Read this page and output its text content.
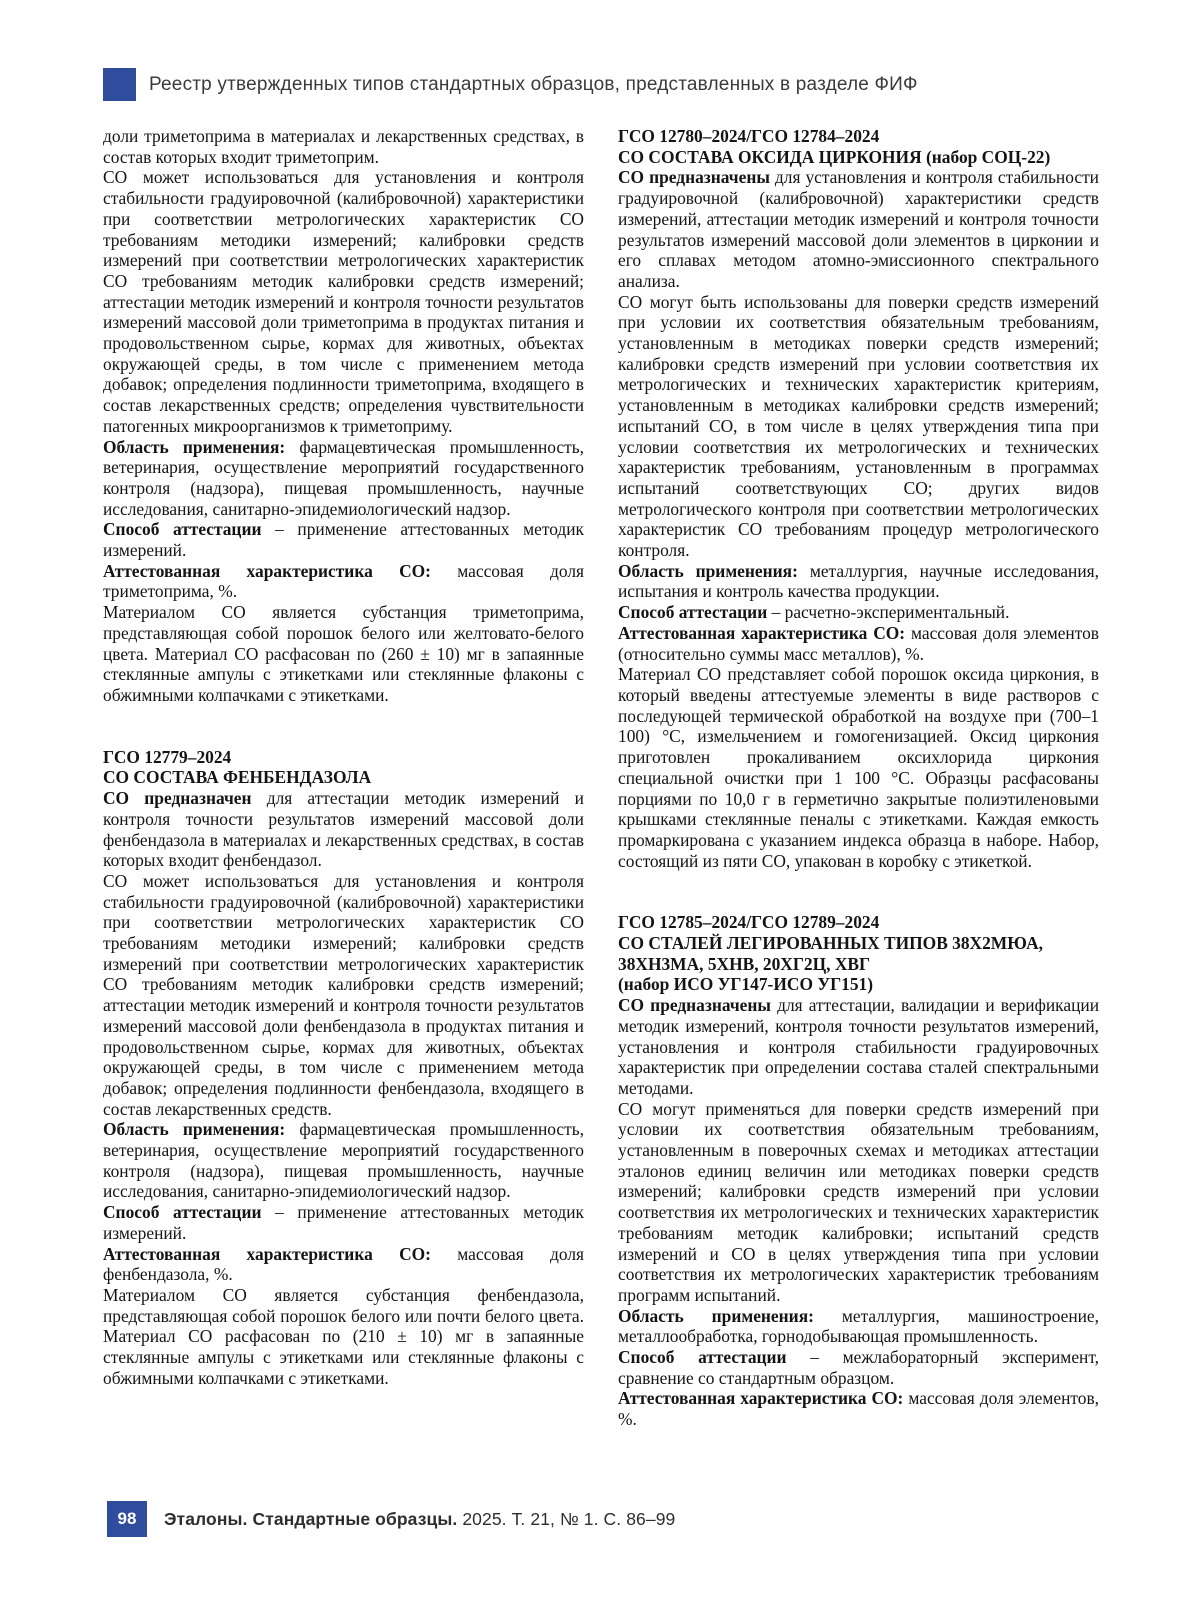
Реестр утвержденных типов стандартных образцов, представленных в разделе ФИФ

доли триметоприма в материалах и лекарственных средствах, в состав которых входит триметоприм.

СО может использоваться для установления и контроля стабильности градуировочной (калибровочной) характеристики при соответствии метрологических характеристик СО требованиям методики измерений; калибровки средств измерений при соответствии метрологических характеристик СО требованиям методик калибровки средств измерений; аттестации методик измерений и контроля точности результатов измерений массовой доли триметоприма в продуктах питания и продовольственном сырье, кормах для животных, объектах окружающей среды, в том числе с применением метода добавок; определения подлинности триметоприма, входящего в состав лекарственных средств; определения чувствительности патогенных микроорганизмов к триметоприму.

Область применения: фармацевтическая промышленность, ветеринария, осуществление мероприятий государственного контроля (надзора), пищевая промышленность, научные исследования, санитарно-эпидемиологический надзор.

Способ аттестации – применение аттестованных методик измерений.

Аттестованная характеристика СО: массовая доля триметоприма, %.

Материалом СО является субстанция триметоприма, представляющая собой порошок белого или желтовато-белого цвета. Материал СО расфасован по (260 ± 10) мг в запаянные стеклянные ампулы с этикетками или стеклянные флаконы с обжимными колпачками с этикетками.

ГСО 12779–2024
СО СОСТАВА ФЕНБЕНДАЗОЛА

СО предназначен для аттестации методик измерений и контроля точности результатов измерений массовой доли фенбендазола в материалах и лекарственных средствах, в состав которых входит фенбендазол.

СО может использоваться для установления и контроля стабильности градуировочной (калибровочной) характеристики при соответствии метрологических характеристик СО требованиям методики измерений; калибровки средств измерений при соответствии метрологических характеристик СО требованиям методик калибровки средств измерений; аттестации методик измерений и контроля точности результатов измерений массовой доли фенбендазола в продуктах питания и продовольственном сырье, кормах для животных, объектах окружающей среды, в том числе с применением метода добавок; определения подлинности фенбендазола, входящего в состав лекарственных средств.

Область применения: фармацевтическая промышленность, ветеринария, осуществление мероприятий государственного контроля (надзора), пищевая промышленность, научные исследования, санитарно-эпидемиологический надзор.

Способ аттестации – применение аттестованных методик измерений.

Аттестованная характеристика СО: массовая доля фенбендазола, %.

Материалом СО является субстанция фенбендазола, представляющая собой порошок белого или почти белого цвета. Материал СО расфасован по (210 ± 10) мг в запаянные стеклянные ампулы с этикетками или стеклянные флаконы с обжимными колпачками с этикетками.

ГСО 12780–2024/ГСО 12784–2024
СО СОСТАВА ОКСИДА ЦИРКОНИЯ (набор СОЦ-22)

СО предназначены для установления и контроля стабильности градуировочной (калибровочной) характеристики средств измерений, аттестации методик измерений и контроля точности результатов измерений массовой доли элементов в цирконии и его сплавах методом атомно-эмиссионного спектрального анализа.

СО могут быть использованы для поверки средств измерений при условии их соответствия обязательным требованиям, установленным в методиках поверки средств измерений; калибровки средств измерений при условии соответствия их метрологических и технических характеристик критериям, установленным в методиках калибровки средств измерений; испытаний СО, в том числе в целях утверждения типа при условии соответствия их метрологических и технических характеристик требованиям, установленным в программах испытаний соответствующих СО; других видов метрологического контроля при соответствии метрологических характеристик СО требованиям процедур метрологического контроля.

Область применения: металлургия, научные исследования, испытания и контроль качества продукции.

Способ аттестации – расчетно-экспериментальный.

Аттестованная характеристика СО: массовая доля элементов (относительно суммы масс металлов), %.

Материал СО представляет собой порошок оксида циркония, в который введены аттестуемые элементы в виде растворов с последующей термической обработкой на воздухе при (700–1 100) °С, измельчением и гомогенизацией. Оксид циркония приготовлен прокаливанием оксихлорида циркония специальной очистки при 1 100 °С. Образцы расфасованы порциями по 10,0 г в герметично закрытые полиэтиленовыми крышками стеклянные пеналы с этикетками. Каждая емкость промаркирована с указанием индекса образца в наборе. Набор, состоящий из пяти СО, упакован в коробку с этикеткой.

ГСО 12785–2024/ГСО 12789–2024
СО СТАЛЕЙ ЛЕГИРОВАННЫХ ТИПОВ 38Х2МЮА, 38ХН3МА, 5ХНВ, 20ХГ2Ц, ХВГ
(набор ИСО УГ147-ИСО УГ151)

СО предназначены для аттестации, валидации и верификации методик измерений, контроля точности результатов измерений, установления и контроля стабильности градуировочных характеристик при определении состава сталей спектральными методами.

СО могут применяться для поверки средств измерений при условии их соответствия обязательным требованиям, установленным в поверочных схемах и методиках аттестации эталонов единиц величин или методиках поверки средств измерений; калибровки средств измерений при условии соответствия их метрологических и технических характеристик требованиям методик калибровки; испытаний средств измерений и СО в целях утверждения типа при условии соответствия их метрологических характеристик требованиям программ испытаний.

Область применения: металлургия, машиностроение, металлообработка, горнодобывающая промышленность.

Способ аттестации – межлабораторный эксперимент, сравнение со стандартным образцом.

Аттестованная характеристика СО: массовая доля элементов, %.

98	Эталоны. Стандартные образцы. 2025. Т. 21, № 1. С. 86–99
